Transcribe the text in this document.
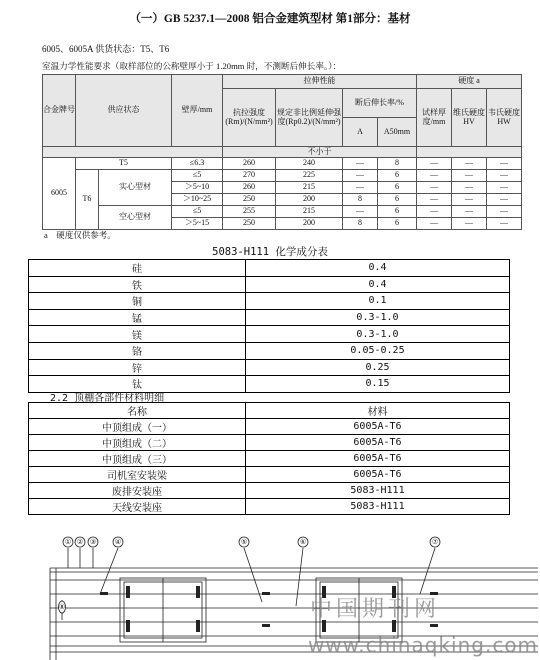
（一）GB 5237.1—2008 铝合金建筑型材 第1部分：基材
6005、6005A 供货状态：T5、T6
室温力学性能要求（取样部位的公称壁厚小于 1.20mm 时，不测断后伸长率。）：
合金牌号	供应状态		壁厚/mm	拉伸性能				硬度 a		
				抗拉强度(Rm)/(N/mm²)	规定非比例延伸强度(Rp0.2)/(N/mm²)	断后伸长率/%		试样厚度/mm	维氏硬度HV	韦氏硬度HW
						A	A50mm			
				不小于						
6005	T5		≤6.3	260	240	—	8	—	—	—
	T6	实心型材	≤5	270	225	—	6	—	—	—
			＞5~10	260	215	—	6	—	—	—
			＞10~25	250	200	8	6	—	—	—
		空心型材	≤5	255	215	—	6	—	—	—
			＞5~15	250	200	8	6	—	—	—
a　硬度仅供参考。
5083-H111 化学成分表
硅	0.4
铁	0.4
铜	0.1
锰	0.3-1.0
镁	0.3-1.0
铬	0.05-0.25
锌	0.25
钛	0.15
2.2 顶棚各部件材料明细
名称	材料
中顶组成（一）	6005A-T6
中顶组成（二）	6005A-T6
中顶组成（三）	6005A-T6
司机室安装梁	6005A-T6
废排安装座	5083-H111
天线安装座	5083-H111
① ② ③	④	⑤	⑥	⑦
⑧	中国期刊网
www.chinaqking.com
